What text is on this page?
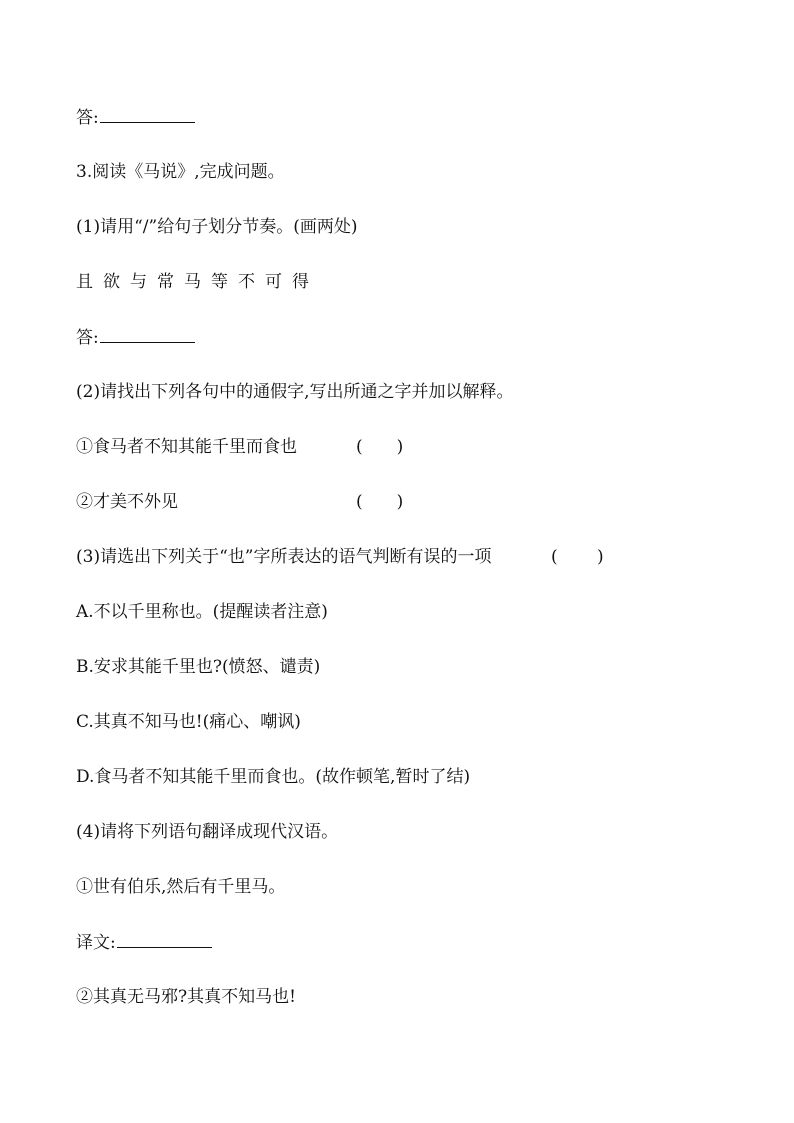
答:
3.阅读《马说》,完成问题。
(1)请用“/”给句子划分节奏。(画两处)
且欲与常马等不可得
答:
(2)请找出下列各句中的通假字,写出所通之字并加以解释。
①食马者不知其能千里而食也	(　　)
②才美不外见	(　　)
(3)请选出下列关于“也”字所表达的语气判断有误的一项	(　　 )
A.不以千里称也。(提醒读者注意)
B.安求其能千里也?(愤怒、谴责)
C.其真不知马也!(痛心、嘲讽)
D.食马者不知其能千里而食也。(故作顿笔,暂时了结)
(4)请将下列语句翻译成现代汉语。
①世有伯乐,然后有千里马。
译文:
②其真无马邪?其真不知马也!
